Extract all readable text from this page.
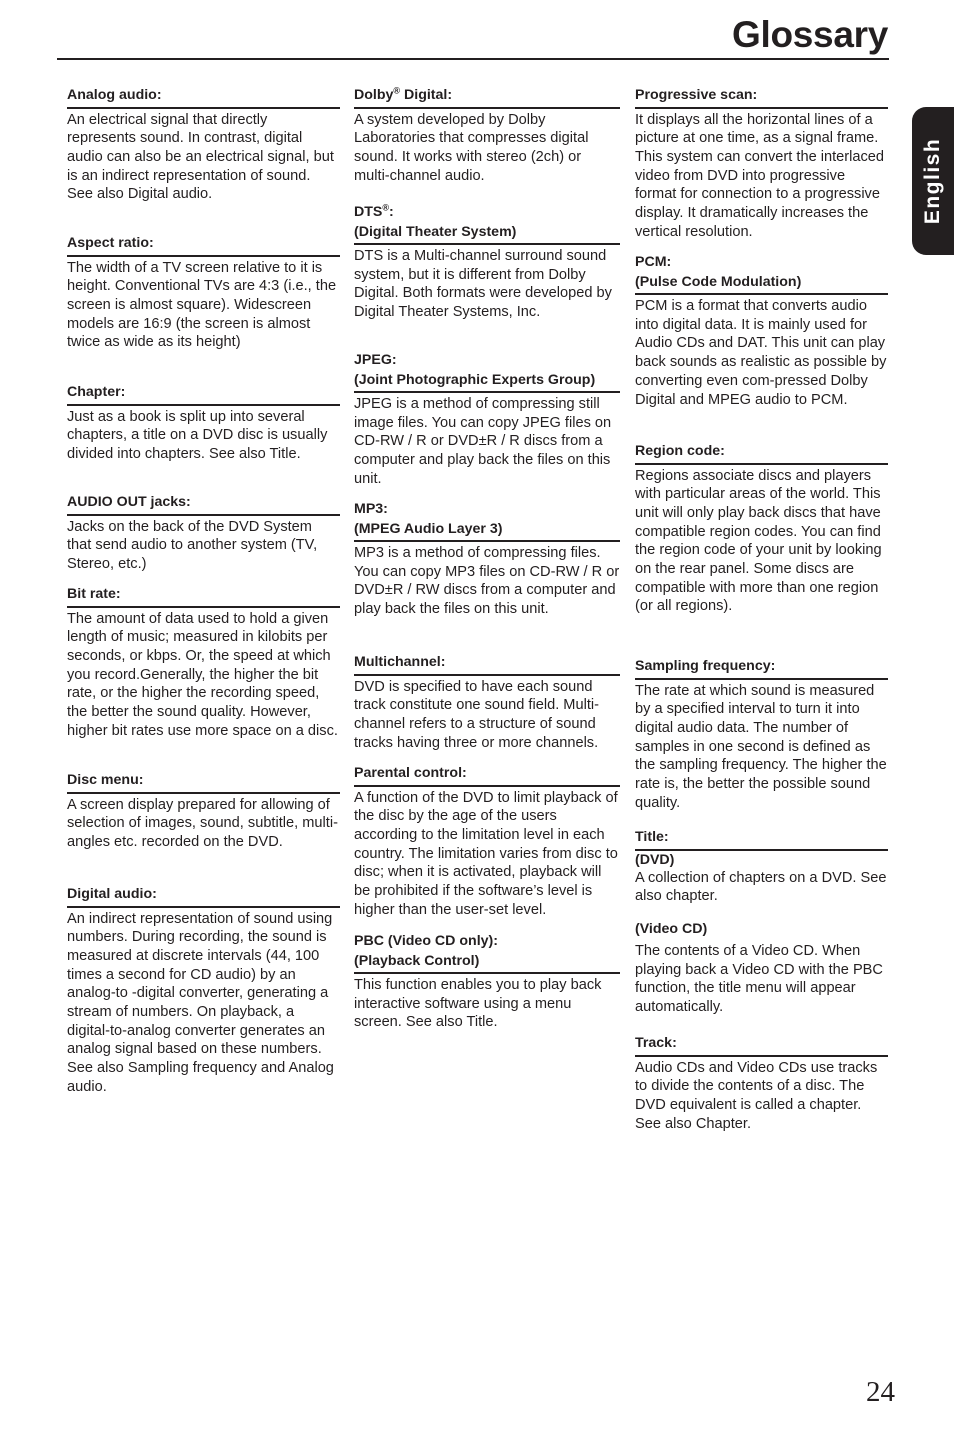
Glossary
English
Analog audio:
An electrical signal that directly represents sound. In contrast, digital audio can also be an electrical signal, but is an indirect representation of sound. See also Digital audio.
Aspect ratio:
The width of a TV screen relative to it is height. Conventional TVs are 4:3 (i.e., the screen is almost square). Widescreen models are 16:9 (the screen is almost twice as wide as its height)
Chapter:
Just as a book is split up into several chapters, a title on a DVD disc is usually divided into chapters. See also Title.
AUDIO OUT jacks:
Jacks on the back of the DVD System that send audio to another system (TV, Stereo, etc.)
Bit rate:
The amount of data used to hold a given length of music; measured in kilobits per seconds, or kbps. Or, the speed at which you record.Generally, the higher the bit rate, or the higher the recording speed, the better the sound quality. However, higher bit rates use more space on a disc.
Disc menu:
A screen display prepared for allowing of selection of images, sound, subtitle, multi-angles etc. recorded on the DVD.
Digital audio:
An indirect representation of sound using numbers. During recording, the sound is measured at discrete intervals (44, 100 times a second for CD audio) by an analog-to -digital converter, generating a stream of numbers. On playback, a digital-to-analog converter generates an analog signal based on these numbers. See also Sampling frequency and Analog audio.
Dolby® Digital:
A system developed by Dolby Laboratories that compresses digital sound. It works with stereo (2ch) or multi-channel audio.
DTS®:
(Digital Theater System)
DTS is a Multi-channel surround sound system, but it is different from Dolby Digital. Both formats were developed by Digital Theater Systems, Inc.
JPEG:
(Joint Photographic Experts Group)
JPEG is a method of compressing still image files. You can copy JPEG files on CD-RW / R or DVD±R / R discs from a computer and play back the files on this unit.
MP3:
(MPEG Audio Layer 3)
MP3 is a method of compressing files. You can copy MP3 files on CD-RW / R or DVD±R / RW discs from a computer and play back the files on this unit.
Multichannel:
DVD is specified to have each sound track constitute one sound field. Multi-channel refers to a structure of sound tracks having three or more channels.
Parental control:
A function of the DVD to limit playback of the disc by the age of the users according to the limitation level in each country. The limitation varies from disc to disc; when it is activated, playback will be prohibited if the software’s level is higher than the user-set level.
PBC (Video CD only):
(Playback Control)
This function enables you to play back interactive software using a menu screen. See also Title.
Progressive scan:
It displays all the horizontal lines of a picture at one time, as a signal frame. This system can convert the interlaced video from DVD into progressive format for connection to a progressive display. It dramatically increases the vertical resolution.
PCM:
(Pulse Code Modulation)
PCM is a format that converts audio into digital data. It is mainly used for Audio CDs and DAT. This unit can play back sounds as realistic as possible by converting even com-pressed Dolby Digital and MPEG audio to PCM.
Region code:
Regions associate discs and players with particular areas of the world. This unit will only play back discs that have compatible region codes. You can find the region code of your unit by looking on the rear panel. Some discs are compatible with more than one region (or all regions).
Sampling frequency:
The rate at which sound is measured by a specified interval to turn it into digital audio data. The number of samples in one second is defined as the sampling frequency. The higher the rate is, the better the possible sound quality.
Title:
(DVD)
A collection of chapters on a DVD. See also chapter.
(Video CD)
The contents of a Video CD. When playing back a Video CD with the PBC function, the title menu will appear automatically.
Track:
Audio CDs and Video CDs use tracks to divide the contents of a disc. The DVD equivalent is called a chapter. See also Chapter.
24
